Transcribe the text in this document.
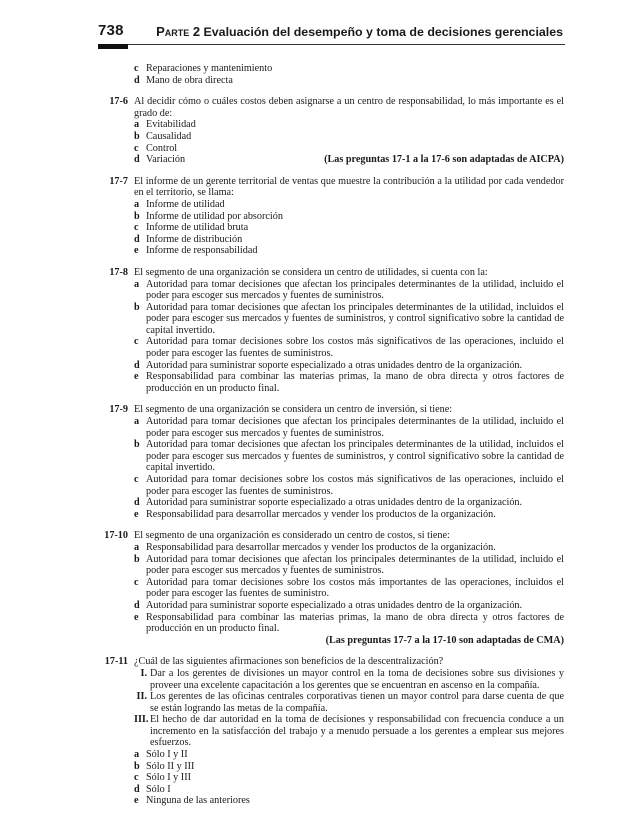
738 Parte 2 Evaluación del desempeño y toma de decisiones gerenciales
c Reparaciones y mantenimiento
d Mano de obra directa
17-6 Al decidir cómo o cuáles costos deben asignarse a un centro de responsabilidad, lo más importante es el grado de:
a Evitabilidad
b Causalidad
c Control
d Variación	(Las preguntas 17-1 a la 17-6 son adaptadas de AICPA)
17-7 El informe de un gerente territorial de ventas que muestre la contribución a la utilidad por cada vendedor en el territorio, se llama:
a Informe de utilidad
b Informe de utilidad por absorción
c Informe de utilidad bruta
d Informe de distribución
e Informe de responsabilidad
17-8 El segmento de una organización se considera un centro de utilidades, si cuenta con la:
a Autoridad para tomar decisiones que afectan los principales determinantes de la utilidad, incluido el poder para escoger sus mercados y fuentes de suministros.
b Autoridad para tomar decisiones que afectan los principales determinantes de la utilidad, incluidos el poder para escoger sus mercados y fuentes de suministros, y control significativo sobre la cantidad de capital invertido.
c Autoridad para tomar decisiones sobre los costos más significativos de las operaciones, incluido el poder para escoger las fuentes de suministros.
d Autoridad para suministrar soporte especializado a otras unidades dentro de la organización.
e Responsabilidad para combinar las materias primas, la mano de obra directa y otros factores de producción en un producto final.
17-9 El segmento de una organización se considera un centro de inversión, si tiene:
a Autoridad para tomar decisiones que afectan los principales determinantes de la utilidad, incluido el poder para escoger sus mercados y fuentes de suministros.
b Autoridad para tomar decisiones que afectan los principales determinantes de la utilidad, incluidos el poder para escoger sus mercados y fuentes de suministros, y control significativo sobre la cantidad de capital invertido.
c Autoridad para tomar decisiones sobre los costos más significativos de las operaciones, incluido el poder para escoger las fuentes de suministros.
d Autoridad para suministrar soporte especializado a otras unidades dentro de la organización.
e Responsabilidad para desarrollar mercados y vender los productos de la organización.
17-10 El segmento de una organización es considerado un centro de costos, si tiene:
a Responsabilidad para desarrollar mercados y vender los productos de la organización.
b Autoridad para tomar decisiones que afectan los principales determinantes de la utilidad, incluido el poder para escoger sus mercados y fuentes de suministros.
c Autoridad para tomar decisiones sobre los costos más importantes de las operaciones, incluidos el poder para escoger las fuentes de suministro.
d Autoridad para suministrar soporte especializado a otras unidades dentro de la organización.
e Responsabilidad para combinar las materias primas, la mano de obra directa y otros factores de producción en un producto final.
(Las preguntas 17-7 a la 17-10 son adaptadas de CMA)
17-11 ¿Cuál de las siguientes afirmaciones son beneficios de la descentralización?
I. Dar a los gerentes de divisiones un mayor control en la toma de decisiones sobre sus divisiones y proveer una excelente capacitación a los gerentes que se encuentran en ascenso en la compañía.
II. Los gerentes de las oficinas centrales corporativas tienen un mayor control para darse cuenta de que se están logrando las metas de la compañía.
III. El hecho de dar autoridad en la toma de decisiones y responsabilidad con frecuencia conduce a un incremento en la satisfacción del trabajo y a menudo persuade a los gerentes a emplear sus mejores esfuerzos.
a Sólo I y II
b Sólo II y III
c Sólo I y III
d Sólo I
e Ninguna de las anteriores
